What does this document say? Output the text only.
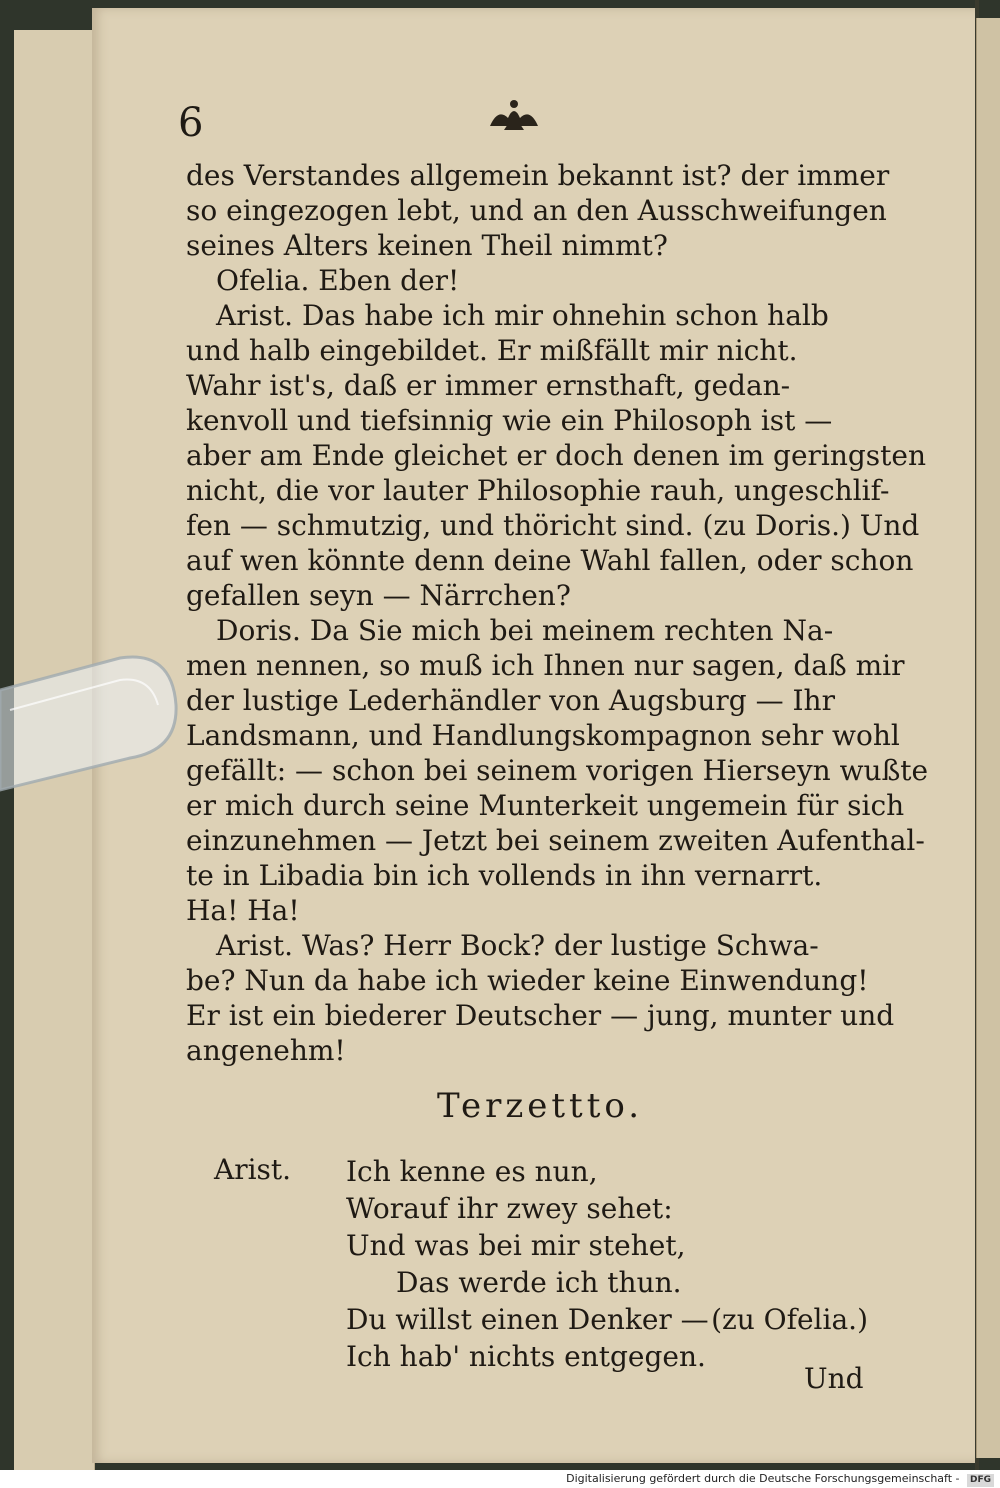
6
des Verstandes allgemein bekannt ist? der immer
so eingezogen lebt, und an den Ausschweifungen
seines Alters keinen Theil nimmt?
Ofelia. Eben der!
Arist. Das habe ich mir ohnehin schon halb
und halb eingebildet. Er mißfällt mir nicht.
Wahr ist's, daß er immer ernsthaft, gedan-
kenvoll und tiefsinnig wie ein Philosoph ist —
aber am Ende gleichet er doch denen im geringsten
nicht, die vor lauter Philosophie rauh, ungeschlif-
fen — schmutzig, und thöricht sind. (zu Doris.) Und
auf wen könnte denn deine Wahl fallen, oder schon
gefallen seyn — Närrchen?
Doris. Da Sie mich bei meinem rechten Na-
men nennen, so muß ich Ihnen nur sagen, daß mir
der lustige Lederhändler von Augsburg — Ihr
Landsmann, und Handlungskompagnon sehr wohl
gefällt: — schon bei seinem vorigen Hierseyn wußte
er mich durch seine Munterkeit ungemein für sich
einzunehmen — Jetzt bei seinem zweiten Aufenthal-
te in Libadia bin ich vollends in ihn vernarrt.
Ha! Ha!
Arist. Was? Herr Bock? der lustige Schwa-
be? Nun da habe ich wieder keine Einwendung!
Er ist ein biederer Deutscher — jung, munter und
angenehm!
Terzettto.
Arist. Ich kenne es nun,
Worauf ihr zwey sehet:
Und was bei mir stehet,
Das werde ich thun.
Du willst einen Denker — (zu Ofelia.)
Ich hab' nichts entgegen.
Und
Digitalisierung gefördert durch die Deutsche Forschungsgemeinschaft - DFG
